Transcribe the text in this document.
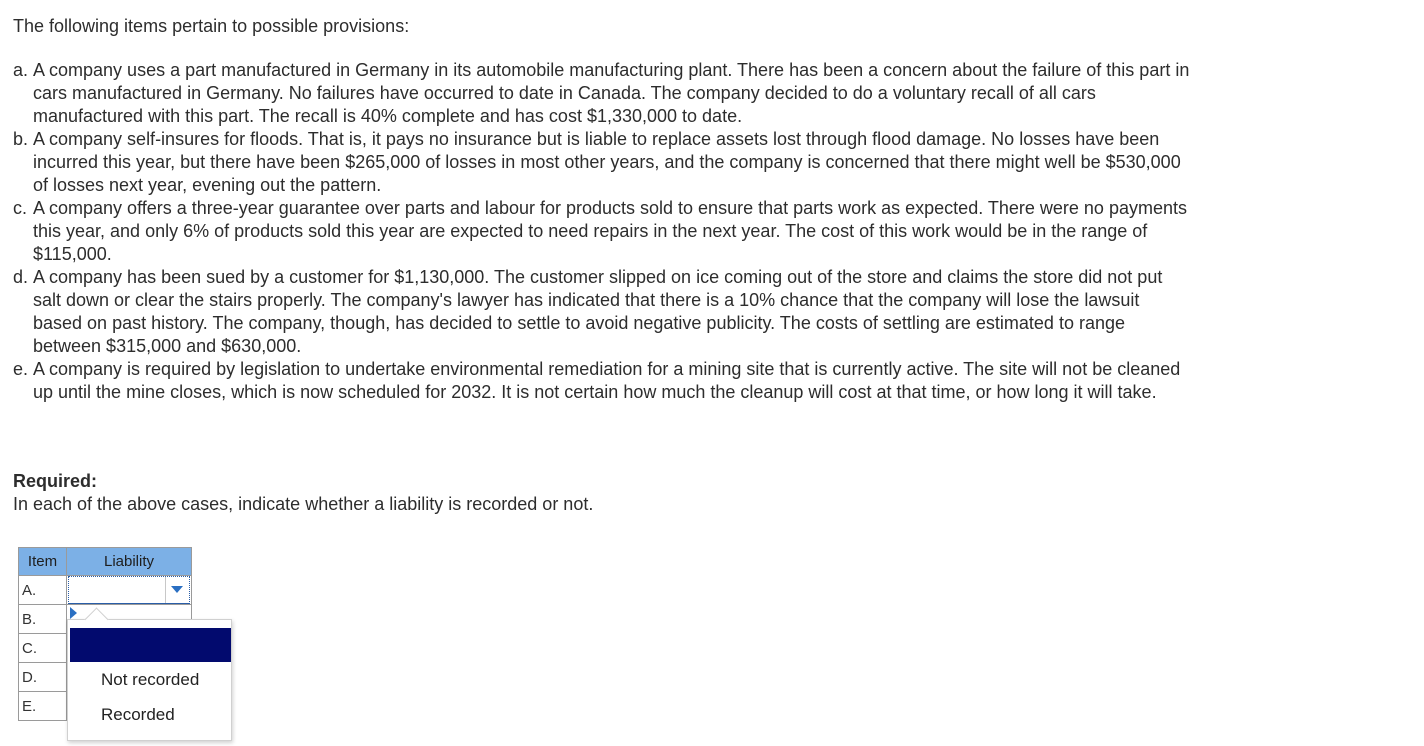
The following items pertain to possible provisions:

a. A company uses a part manufactured in Germany in its automobile manufacturing plant. There has been a concern about the failure of this part in cars manufactured in Germany. No failures have occurred to date in Canada. The company decided to do a voluntary recall of all cars manufactured with this part. The recall is 40% complete and has cost $1,330,000 to date.
b. A company self-insures for floods. That is, it pays no insurance but is liable to replace assets lost through flood damage. No losses have been incurred this year, but there have been $265,000 of losses in most other years, and the company is concerned that there might well be $530,000 of losses next year, evening out the pattern.
c. A company offers a three-year guarantee over parts and labour for products sold to ensure that parts work as expected. There were no payments this year, and only 6% of products sold this year are expected to need repairs in the next year. The cost of this work would be in the range of $115,000.
d. A company has been sued by a customer for $1,130,000. The customer slipped on ice coming out of the store and claims the store did not put salt down or clear the stairs properly. The company's lawyer has indicated that there is a 10% chance that the company will lose the lawsuit based on past history. The company, though, has decided to settle to avoid negative publicity. The costs of settling are estimated to range between $315,000 and $630,000.
e. A company is required by legislation to undertake environmental remediation for a mining site that is currently active. The site will not be cleaned up until the mine closes, which is now scheduled for 2032. It is not certain how much the cleanup will cost at that time, or how long it will take.
Required:
In each of the above cases, indicate whether a liability is recorded or not.
Item	Liability
A.	

B.	
C.	
D.	
E.	
Not recorded
Recorded
